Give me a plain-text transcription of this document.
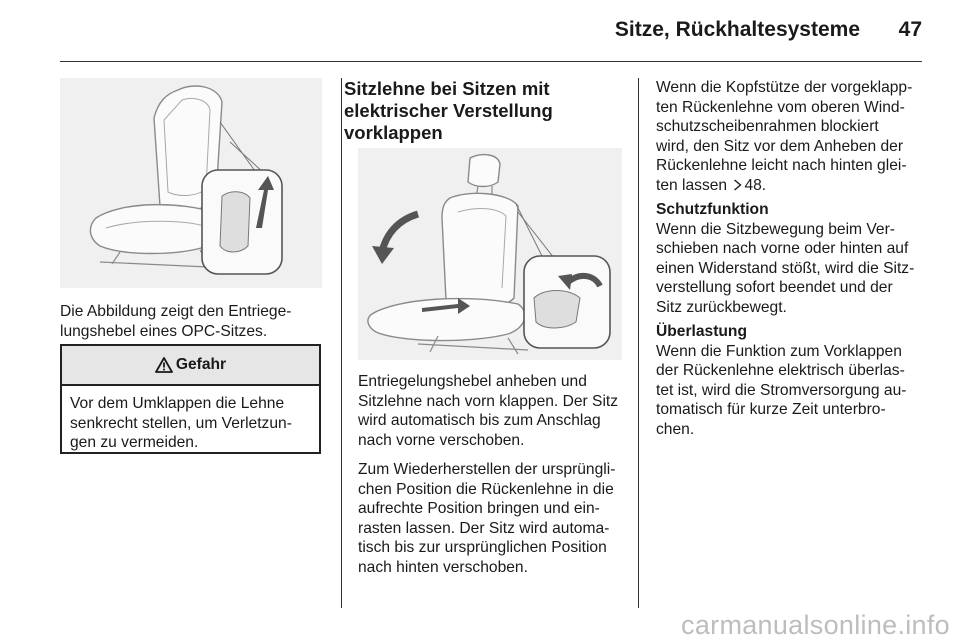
Sitze, Rückhaltesysteme	47
Die Abbildung zeigt den Entriege-
lungshebel eines OPC-Sitzes.
Gefahr
Vor dem Umklappen die Lehne
senkrecht stellen, um Verletzun-
gen zu vermeiden.
Sitzlehne bei Sitzen mit
elektrischer Verstellung
vorklappen
Entriegelungshebel anheben und
Sitzlehne nach vorn klappen. Der Sitz
wird automatisch bis zum Anschlag
nach vorne verschoben.
Zum Wiederherstellen der ursprüngli-
chen Position die Rückenlehne in die
aufrechte Position bringen und ein-
rasten lassen. Der Sitz wird automa-
tisch bis zur ursprünglichen Position
nach hinten verschoben.
Wenn die Kopfstütze der vorgeklapp-
ten Rückenlehne vom oberen Wind-
schutzscheibenrahmen blockiert
wird, den Sitz vor dem Anheben der
Rückenlehne leicht nach hinten glei-
ten lassen 48.
Schutzfunktion
Wenn die Sitzbewegung beim Ver-
schieben nach vorne oder hinten auf
einen Widerstand stößt, wird die Sitz-
verstellung sofort beendet und der
Sitz zurückbewegt.
Überlastung
Wenn die Funktion zum Vorklappen
der Rückenlehne elektrisch überlas-
tet ist, wird die Stromversorgung au-
tomatisch für kurze Zeit unterbro-
chen.
carmanualsonline.info
